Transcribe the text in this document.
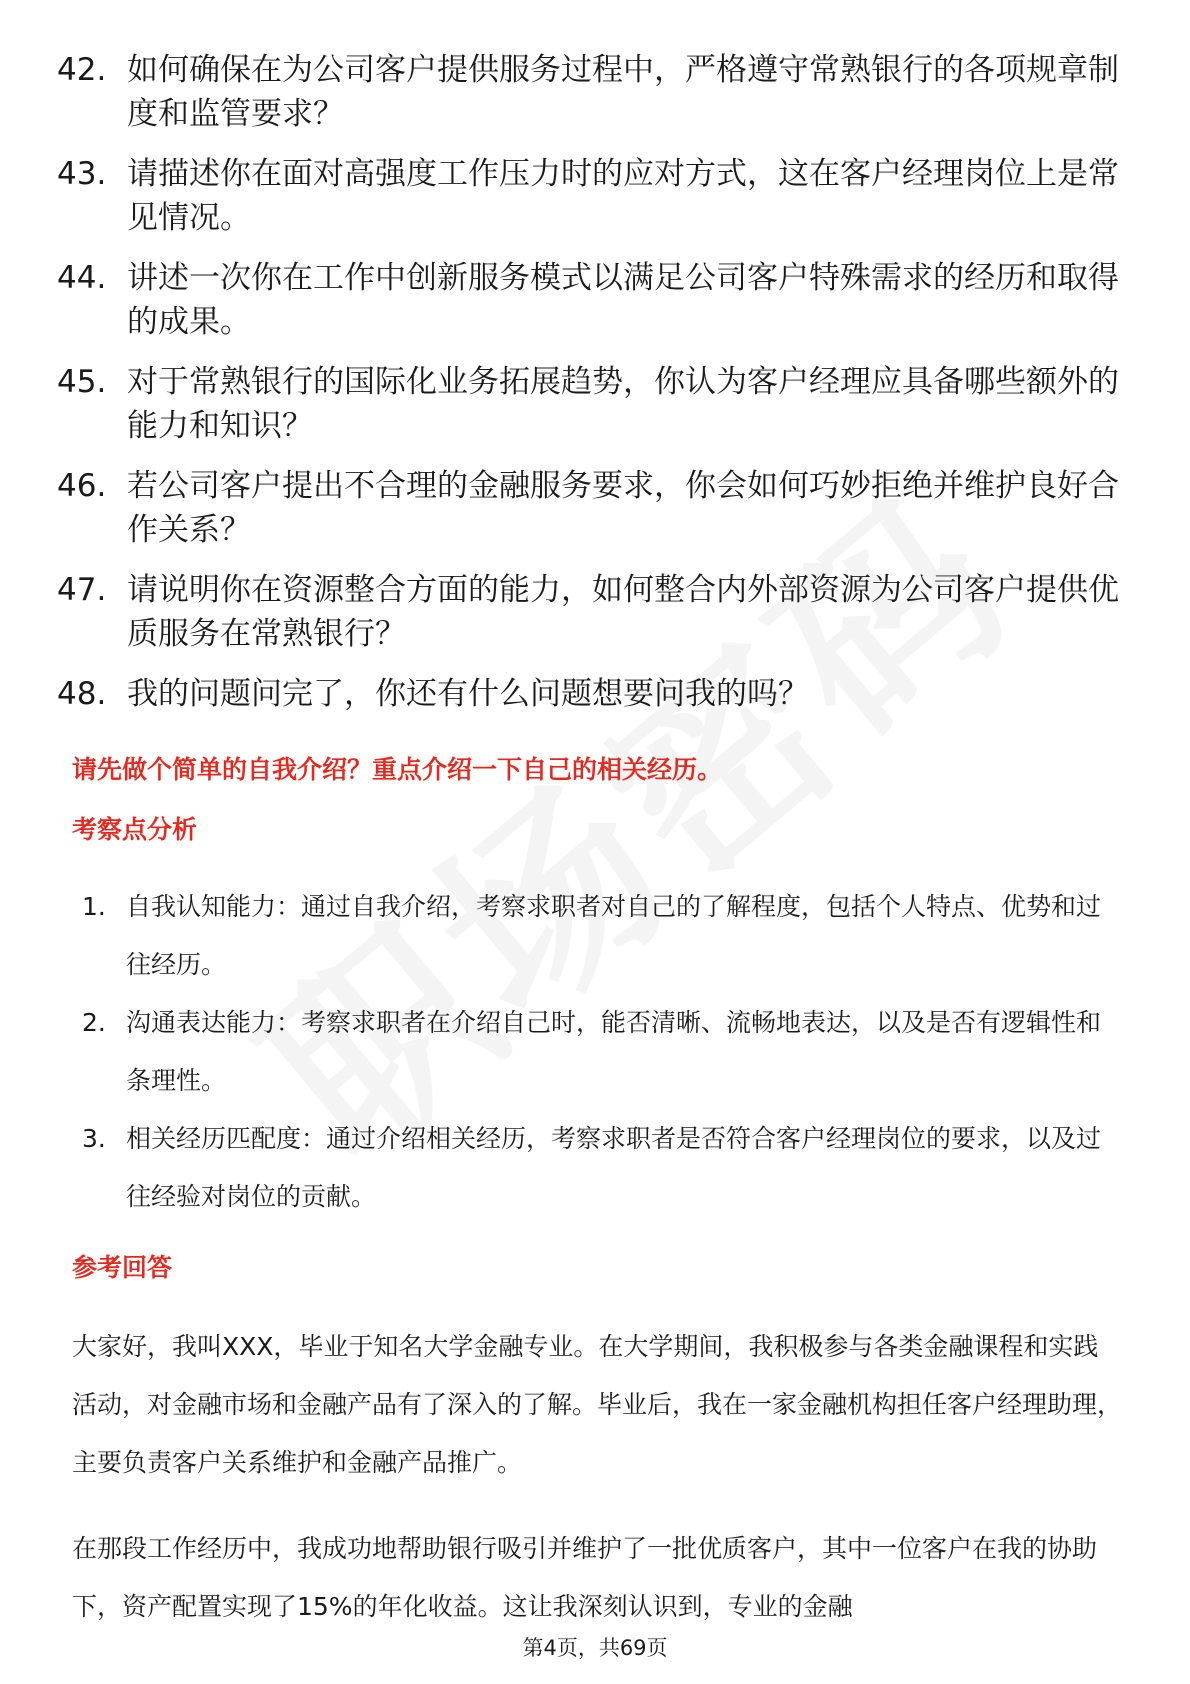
42. 如何确保在为公司客户提供服务过程中，严格遵守常熟银行的各项规章制度和监管要求？
43. 请描述你在面对高强度工作压力时的应对方式，这在客户经理岗位上是常见情况。
44. 讲述一次你在工作中创新服务模式以满足公司客户特殊需求的经历和取得的成果。
45. 对于常熟银行的国际化业务拓展趋势，你认为客户经理应具备哪些额外的能力和知识？
46. 若公司客户提出不合理的金融服务要求，你会如何巧妙拒绝并维护良好合作关系？
47. 请说明你在资源整合方面的能力，如何整合内外部资源为公司客户提供优质服务在常熟银行？
48. 我的问题问完了，你还有什么问题想要问我的吗？
请先做个简单的自我介绍？重点介绍一下自己的相关经历。
考察点分析
1. 自我认知能力：通过自我介绍，考察求职者对自己的了解程度，包括个人特点、优势和过往经历。
2. 沟通表达能力：考察求职者在介绍自己时，能否清晰、流畅地表达，以及是否有逻辑性和条理性。
3. 相关经历匹配度：通过介绍相关经历，考察求职者是否符合客户经理岗位的要求，以及过往经验对岗位的贡献。
参考回答
大家好，我叫XXX，毕业于知名大学金融专业。在大学期间，我积极参与各类金融课程和实践活动，对金融市场和金融产品有了深入的了解。毕业后，我在一家金融机构担任客户经理助理，主要负责客户关系维护和金融产品推广。
在那段工作经历中，我成功地帮助银行吸引并维护了一批优质客户，其中一位客户在我的协助下，资产配置实现了15%的年化收益。这让我深刻认识到，专业的金融
第4页，共69页
